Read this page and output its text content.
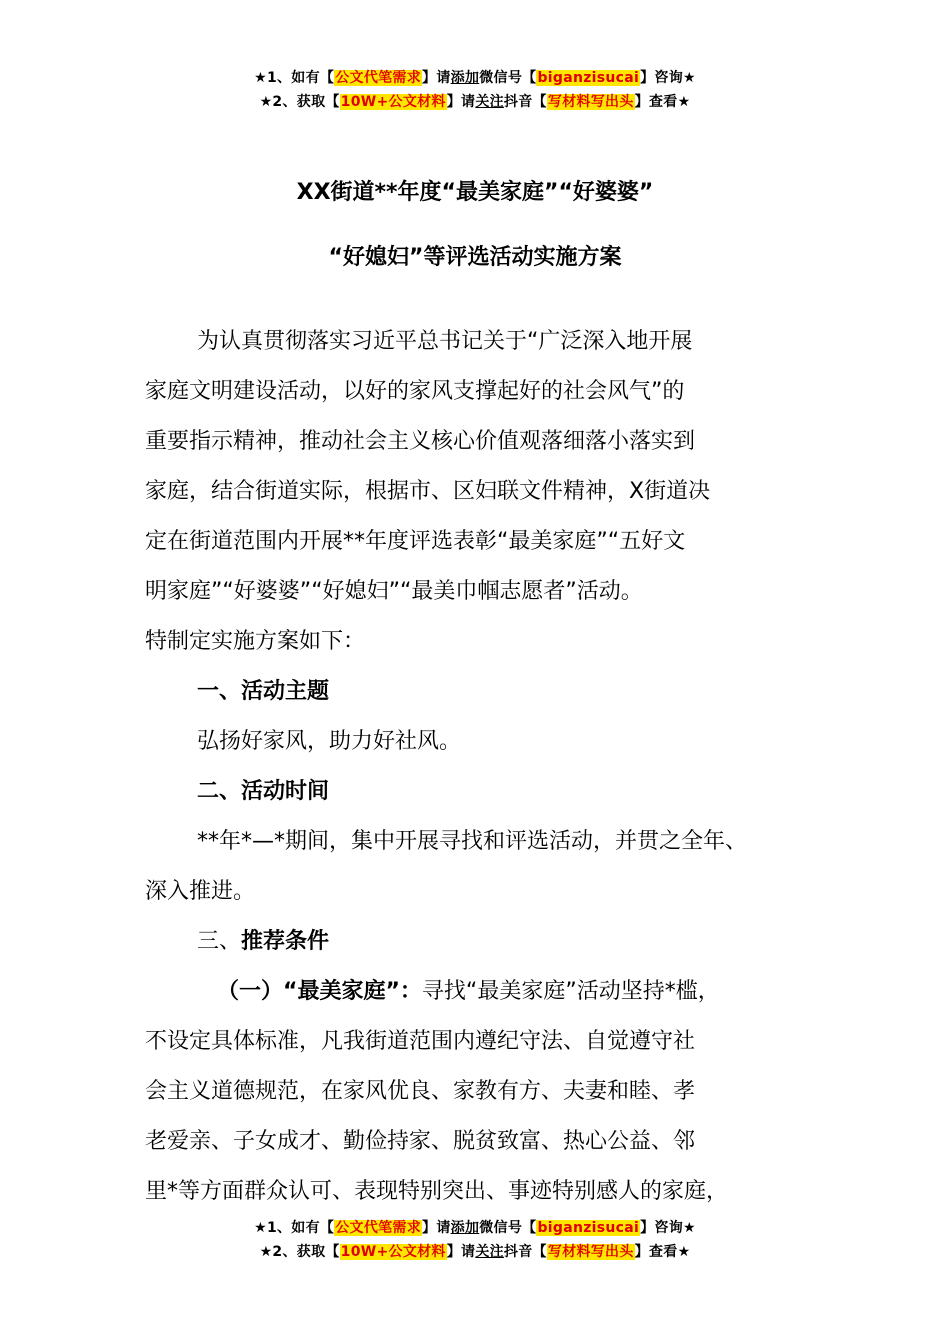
★1、如有【公文代笔需求】请添加微信号【biganzisucai】咨询★
★2、获取【10W+公文材料】请关注抖音【写材料写出头】查看★
XX街道**年度“最美家庭”“好婆婆”
“好媳妇”等评选活动实施方案
为认真贯彻落实习近平总书记关于“广泛深入地开展
家庭文明建设活动，以好的家风支撑起好的社会风气”的
重要指示精神，推动社会主义核心价值观落细落小落实到
家庭，结合街道实际，根据市、区妇联文件精神，X街道决
定在街道范围内开展**年度评选表彰“最美家庭”“五好文
明家庭”“好婆婆”“好媳妇”“最美巾帼志愿者”活动。
特制定实施方案如下：
一、活动主题
弘扬好家风，助力好社风。
二、活动时间
**年*—*期间，集中开展寻找和评选活动，并贯之全年、
深入推进。
三、推荐条件
（一）“最美家庭”：寻找“最美家庭”活动坚持*槛，
不设定具体标准，凡我街道范围内遵纪守法、自觉遵守社
会主义道德规范，在家风优良、家教有方、夫妻和睦、孝
老爱亲、子女成才、勤俭持家、脱贫致富、热心公益、邻
里*等方面群众认可、表现特别突出、事迹特别感人的家庭，
★1、如有【公文代笔需求】请添加微信号【biganzisucai】咨询★
★2、获取【10W+公文材料】请关注抖音【写材料写出头】查看★
